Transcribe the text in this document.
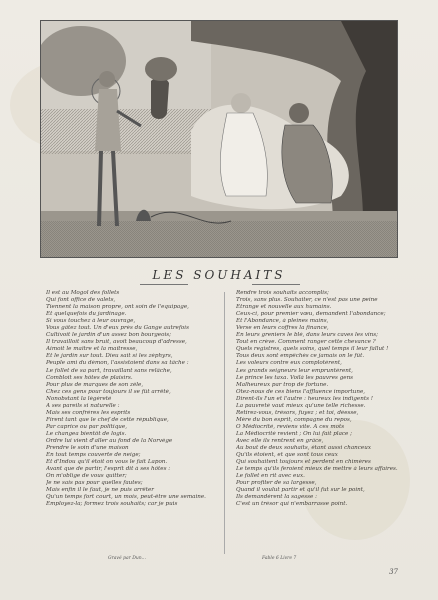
LES SOUHAITS
Il est au Mogol des follets
Qui font office de valets,
Tiennent la maison propre, ont soin de l'equipage,
Et quelquefois du jardinage.
Si vous touchez à leur ouvrage,
Vous gâtez tout. Un d'eux près du Gange autrefois
Cultivoit le jardin d'un assez bon bourgeois;
Il travailloit sans bruit, avoit beaucoup d'adresse,
Aimoit le maître et la maîtresse,
Et le jardin sur tout. Dieu sait si les zéphyrs,
Peuple ami du démon, l'assistoient dans sa tâche :
Le follet de sa part, travaillant sans relâche,
Combloit ses hôtes de plaisirs.
Pour plus de marques de son zèle,
Chez ces gens pour toujours il se fût arrêté,
Nonobstant la légèreté
A ses pareils si naturelle :
Mais ses confrères les esprits
Firent tant que le chef de cette république,
Par caprice ou par politique,
Le changea bientôt de logis.
Ordre lui vient d'aller au fond de la Norvège
Prendre le soin d'une maison
En tout temps couverte de neige;
Et d'Indou qu'il étoit on vous le fait Lapon.
Avant que de partir, l'esprit dit à ses hôtes :
On m'oblige de vous quitter;
Je ne sais pas pour quelles fautes;
Mais enfin il le faut, je ne puis arrêter
Qu'un temps fort court, un mois, peut-être une semaine.
Employez-la; formez trois souhaits; car je puis
Rendre trois souhaits accomplis;
Trois, sans plus. Souhaiter, ce n'est pas une peine
Étrange et nouvelle aux humains.
Ceux-ci, pour premier vœu, demandent l'abondance;
Et l'Abondance, à pleines mains,
Verse en leurs coffres la finance,
En leurs greniers le blé, dans leurs caves les vins;
Tout en crève. Comment ranger cette chevance ?
Quels registres, quels soins, quel temps il leur fallut !
Tous deux sont empêchés ce jamais on le fût.
Les voleurs contre eux complotèrent,
Les grands seigneurs leur empruntèrent,
Le prince les taxa. Voilà les pauvres gens
Malheureux par trop de fortune.
Otez-nous de ces biens l'affluence importune,
Dirent-ils l'un et l'autre : heureux les indigents !
La pauvreté vaut mieux qu'une telle richesse.
Retirez-vous, trésors, fuyez ; et toi, déesse,
Mère du bon esprit, compagne du repos,
Ô Médiocrité, reviens vite. A ces mots
La Médiocrité revient ; On lui fait place ;
Avec elle ils rentrent en grâce,
Au bout de deux souhaits, étant aussi chanceux
Qu'ils étoient, et que sont tous ceux
Qui souhaitent toujours et perdent en chimères
Le temps qu'ils feroient mieux de mettre à leurs affaires.
Le follet en rit avec eux.
Pour profiter de sa largesse,
Quand il voulut partir et qu'il fut sur le point,
Ils demandèrent la sagesse :
C'est un trésor qui n'embarrasse point.
Gravé par Dun...	Fable 6 Livre 7
37
